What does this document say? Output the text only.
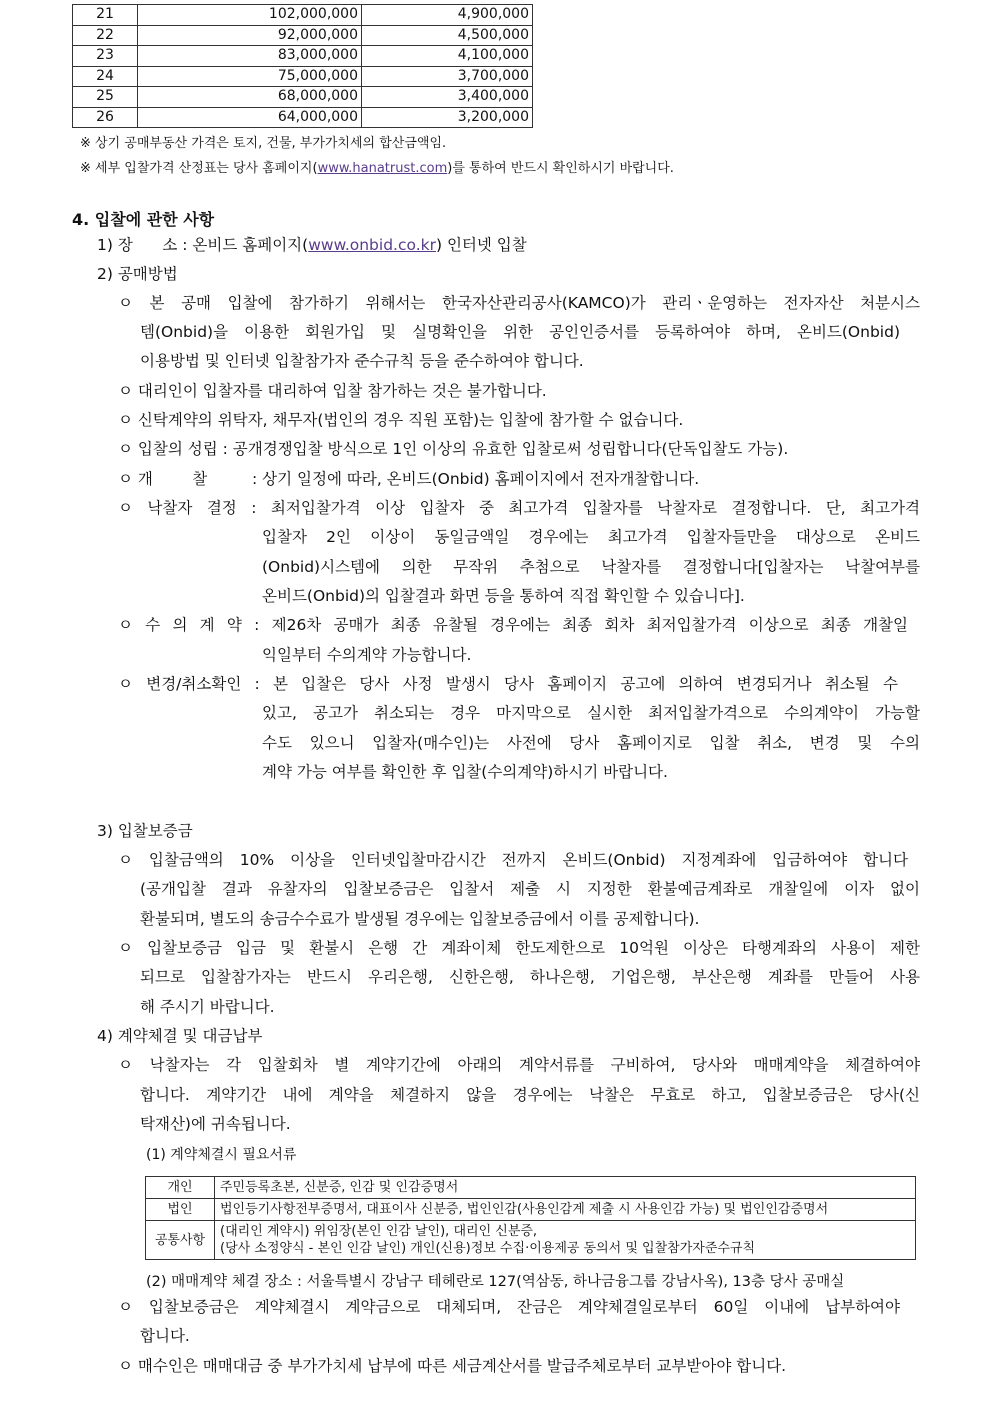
21	102,000,000	4,900,000
22	92,000,000	4,500,000
23	83,000,000	4,100,000
24	75,000,000	3,700,000
25	68,000,000	3,400,000
26	64,000,000	3,200,000
※ 상기 공매부동산 가격은 토지, 건물, 부가가치세의 합산금액임.
※ 세부 입찰가격 산정표는 당사 홈페이지(www.hanatrust.com)를 통하여 반드시 확인하시기 바랍니다.
4. 입찰에 관한 사항
1) 장      소 : 온비드 홈페이지(www.onbid.co.kr) 인터넷 입찰
2) 공매방법
ㅇ 본 공매 입찰에 참가하기 위해서는 한국자산관리공사(KAMCO)가 관리ㆍ운영하는 전자자산 처분시스
템(Onbid)을 이용한 회원가입 및 실명확인을 위한 공인인증서를 등록하여야 하며, 온비드(Onbid)
이용방법 및 인터넷 입찰참가자 준수규칙 등을 준수하여야 합니다.
ㅇ 대리인이 입찰자를 대리하여 입찰 참가하는 것은 불가합니다.
ㅇ 신탁계약의 위탁자, 채무자(법인의 경우 직원 포함)는 입찰에 참가할 수 없습니다.
ㅇ 입찰의 성립 : 공개경쟁입찰 방식으로 1인 이상의 유효한 입찰로써 성립합니다(단독입찰도 가능).
ㅇ 개        찰	: 상기 일정에 따라, 온비드(Onbid) 홈페이지에서 전자개찰합니다.
ㅇ 낙찰자 결정 : 최저입찰가격 이상 입찰자 중 최고가격 입찰자를 낙찰자로 결정합니다. 단, 최고가격
입찰자 2인 이상이 동일금액일 경우에는 최고가격 입찰자들만을 대상으로 온비드
(Onbid)시스템에 의한 무작위 추첨으로 낙찰자를 결정합니다[입찰자는 낙찰여부를
온비드(Onbid)의 입찰결과 화면 등을 통하여 직접 확인할 수 있습니다].
ㅇ 수 의 계 약 : 제26차 공매가 최종 유찰될 경우에는 최종 회차 최저입찰가격 이상으로 최종 개찰일
익일부터 수의계약 가능합니다.
ㅇ 변경/취소확인 : 본 입찰은 당사 사정 발생시 당사 홈페이지 공고에 의하여 변경되거나 취소될 수
있고, 공고가 취소되는 경우 마지막으로 실시한 최저입찰가격으로 수의계약이 가능할
수도 있으니 입찰자(매수인)는 사전에 당사 홈페이지로 입찰 취소, 변경 및 수의
계약 가능 여부를 확인한 후 입찰(수의계약)하시기 바랍니다.
3) 입찰보증금
ㅇ 입찰금액의 10% 이상을 인터넷입찰마감시간 전까지 온비드(Onbid) 지정계좌에 입금하여야 합니다
(공개입찰 결과 유찰자의 입찰보증금은 입찰서 제출 시 지정한 환불예금계좌로 개찰일에 이자 없이
환불되며, 별도의 송금수수료가 발생될 경우에는 입찰보증금에서 이를 공제합니다).
ㅇ 입찰보증금 입금 및 환불시 은행 간 계좌이체 한도제한으로 10억원 이상은 타행계좌의 사용이 제한
되므로 입찰참가자는 반드시 우리은행, 신한은행, 하나은행, 기업은행, 부산은행 계좌를 만들어 사용
해 주시기 바랍니다.
4) 계약체결 및 대금납부
ㅇ 낙찰자는 각 입찰회차 별 계약기간에 아래의 계약서류를 구비하여, 당사와 매매계약을 체결하여야
합니다. 계약기간 내에 계약을 체결하지 않을 경우에는 낙찰은 무효로 하고, 입찰보증금은 당사(신
탁재산)에 귀속됩니다.
(1) 계약체결시 필요서류
개인	주민등록초본, 신분증, 인감 및 인감증명서
법인	법인등기사항전부증명서, 대표이사 신분증, 법인인감(사용인감계 제출 시 사용인감 가능) 및 법인인감증명서
공통사항	(대리인 계약시) 위임장(본인 인감 날인), 대리인 신분증,
(당사 소정양식 - 본인 인감 날인) 개인(신용)정보 수집·이용제공 동의서 및 입찰참가자준수규칙
(2) 매매계약 체결 장소 : 서울특별시 강남구 테헤란로 127(역삼동, 하나금융그룹 강남사옥), 13층 당사 공매실
ㅇ 입찰보증금은 계약체결시 계약금으로 대체되며, 잔금은 계약체결일로부터 60일 이내에 납부하여야
합니다.
ㅇ 매수인은 매매대금 중 부가가치세 납부에 따른 세금계산서를 발급주체로부터 교부받아야 합니다.
